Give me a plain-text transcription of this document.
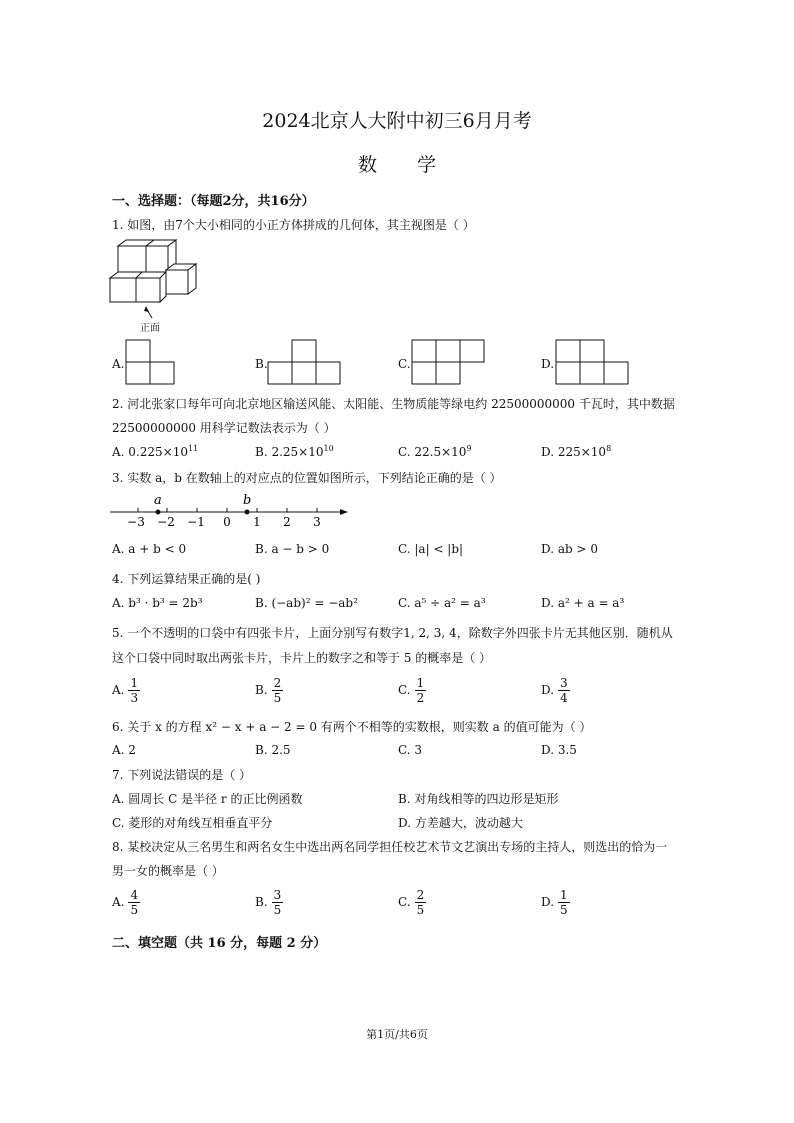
2024北京人大附中初三6月月考
数学
一、选择题：（每题2分，共16分）
1. 如图，由7个大小相同的小正方体拼成的几何体，其主视图是（ ）
正面
A.	B.	C.	D.
2. 河北张家口每年可向北京地区输送风能、太阳能、生物质能等绿电约 22500000000 千瓦时，其中数据
22500000000 用科学记数法表示为（ ）
A. $0.225\times 10^{11}$	B. $2.25\times 10^{10}$	C. $22.5\times 10^9$	D. $225\times 10^8$
3. 实数 a，b 在数轴上的对应点的位置如图所示，下列结论正确的是（ ）
a	b
−3 −2 −1 0 1 2 3
A. a + b < 0	B. a − b > 0	C. |a| < |b|	D. ab > 0
4. 下列运算结果正确的是( )
A. b³ · b³ = 2b³	B. (−ab)² = −ab²	C. a⁵ ÷ a² = a³	D. a² + a = a³
5. 一个不透明的口袋中有四张卡片，上面分别写有数字1, 2, 3, 4，除数字外四张卡片无其他区别．随机从
这个口袋中同时取出两张卡片，卡片上的数字之和等于 5 的概率是（ ）
A. $\frac{1}{3}$	B. $\frac{2}{5}$	C. $\frac{1}{2}$	D. $\frac{3}{4}$
6. 关于 x 的方程 x² − x + a − 2 = 0 有两个不相等的实数根，则实数 a 的值可能为（ ）
A. 2	B. 2.5	C. 3	D. 3.5
7. 下列说法错误的是（ ）
A. 圆周长 C 是半径 r 的正比例函数	B. 对角线相等的四边形是矩形
C. 菱形的对角线互相垂直平分	D. 方差越大，波动越大
8. 某校决定从三名男生和两名女生中选出两名同学担任校艺术节文艺演出专场的主持人，则选出的恰为一
男一女的概率是（ ）
A. $\frac{4}{5}$	B. $\frac{3}{5}$	C. $\frac{2}{5}$	D. $\frac{1}{5}$
二、填空题（共 16 分，每题 2 分）
第1页/共6页
